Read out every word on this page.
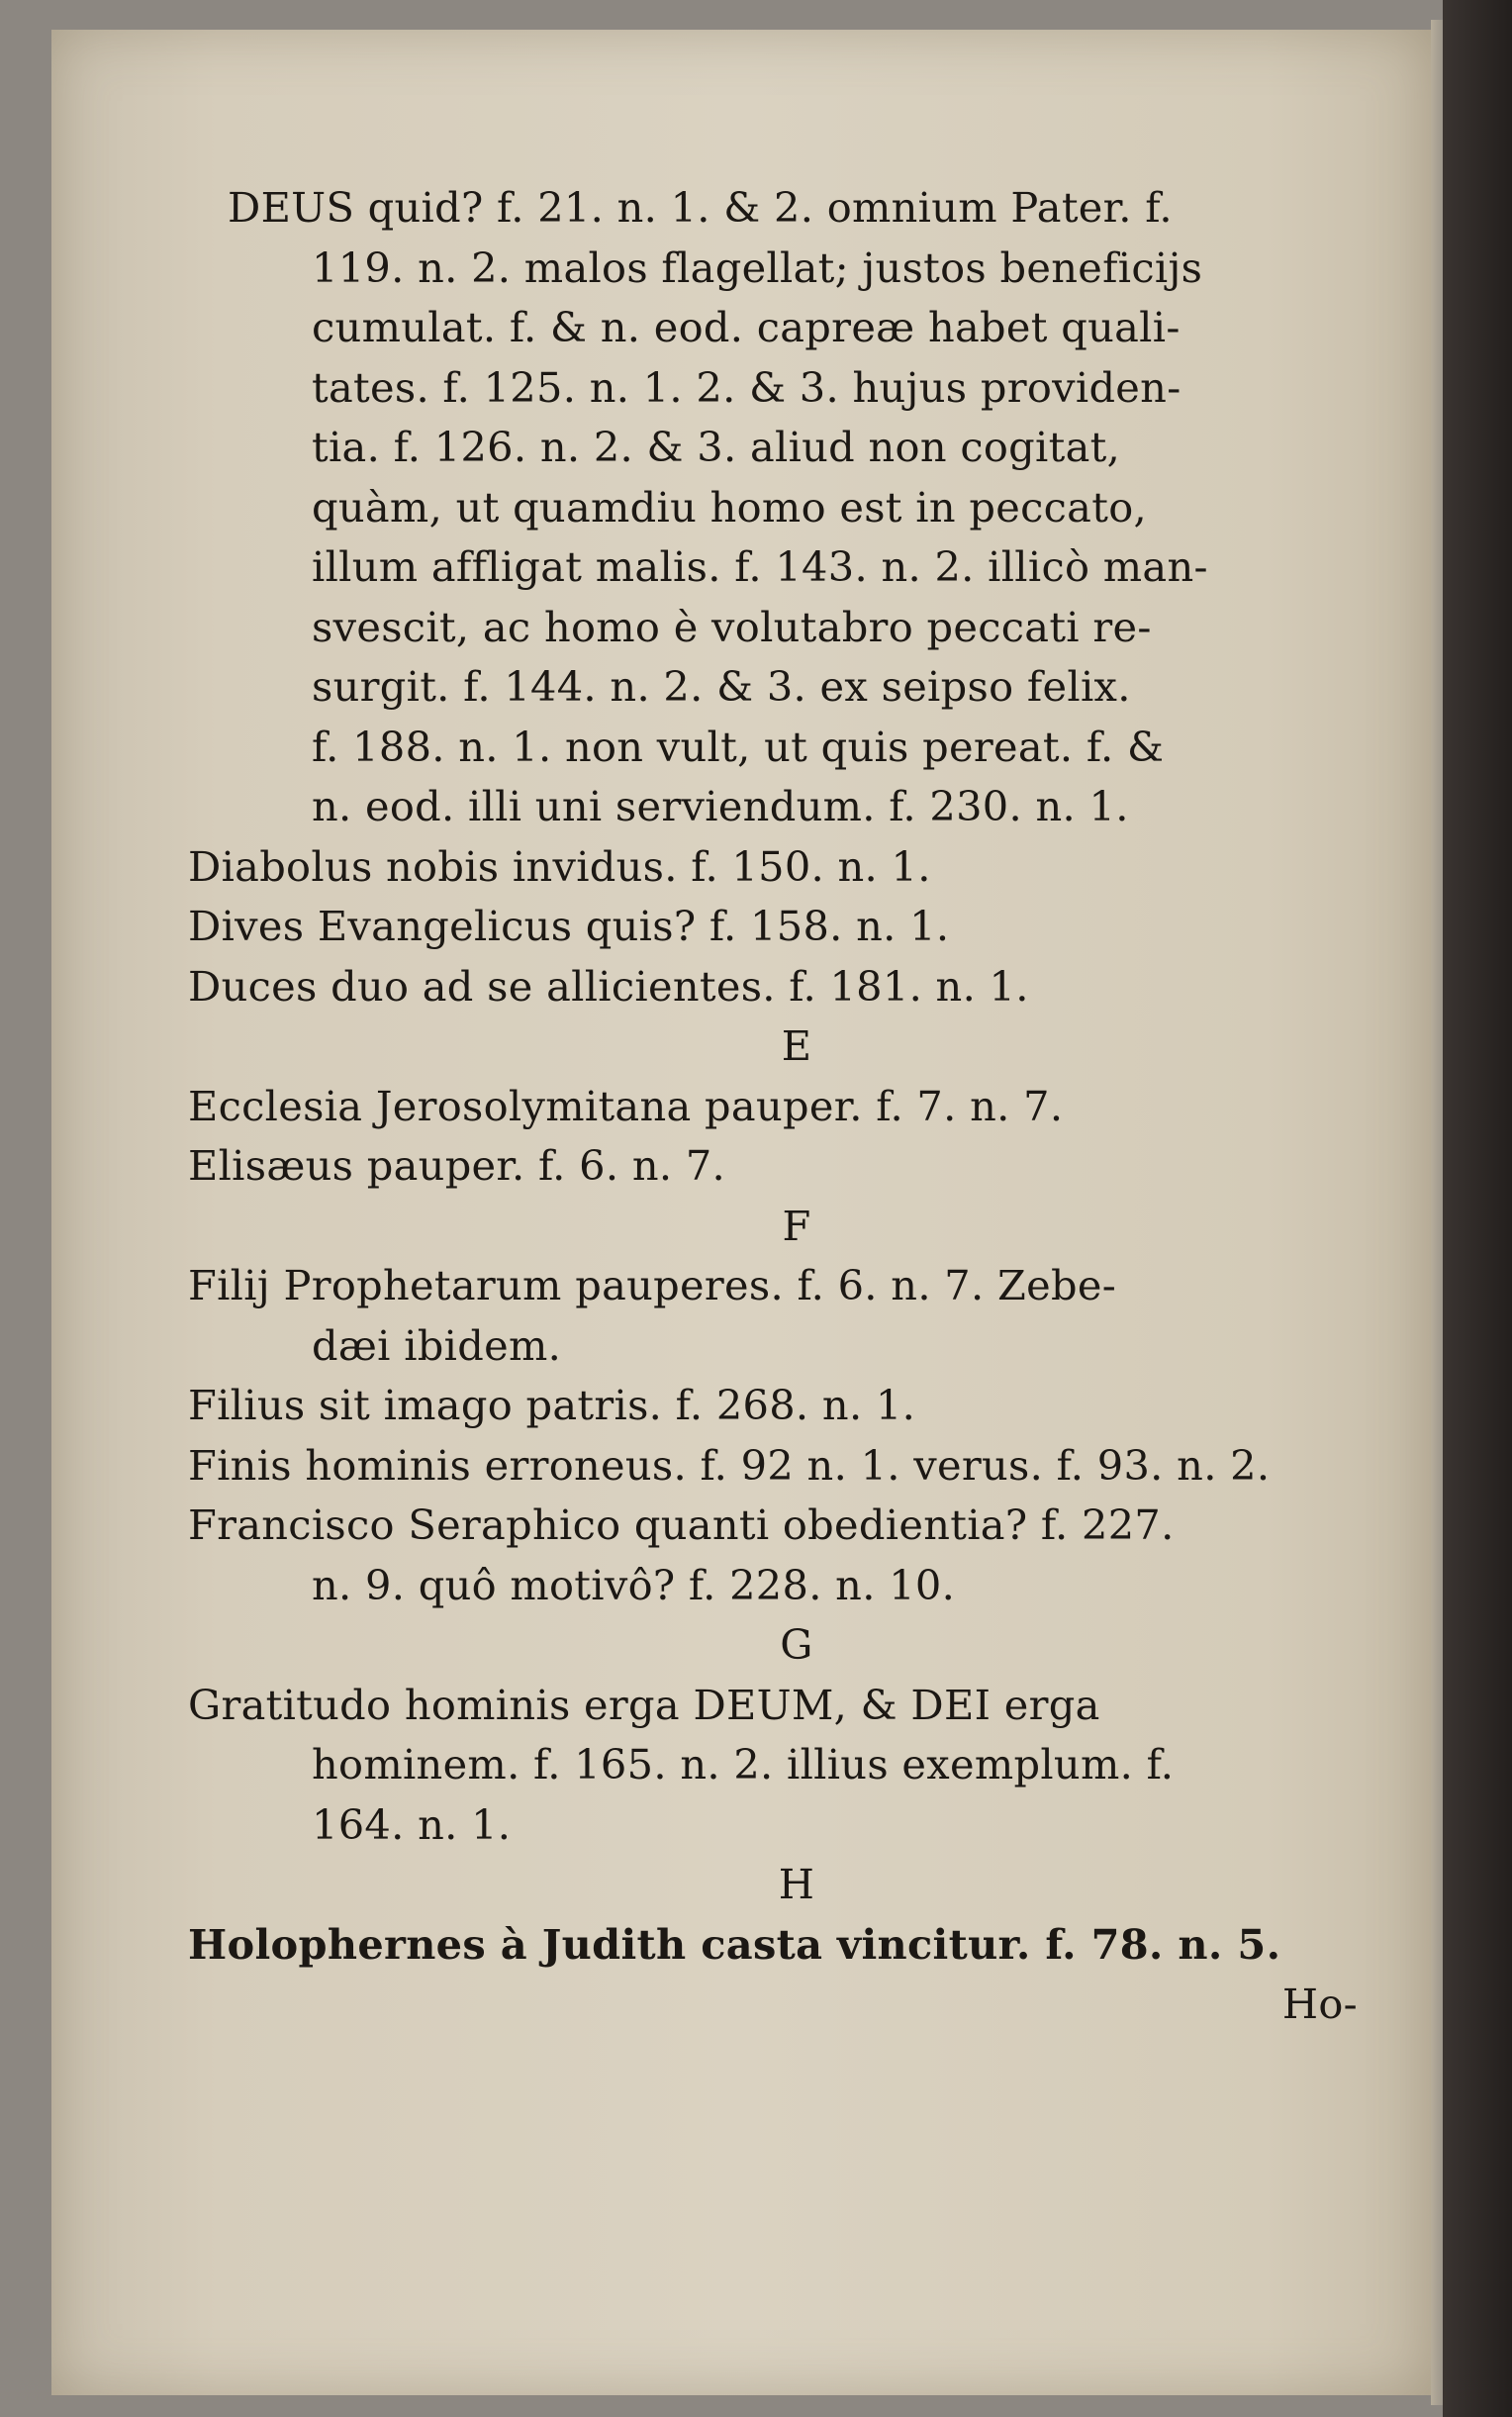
DEUS quid? f. 21. n. 1. & 2. omnium Pater. f.
119. n. 2. malos flagellat; justos beneficijs
cumulat. f. & n. eod. capreæ habet quali-
tates. f. 125. n. 1. 2. & 3. hujus providen-
tia. f. 126. n. 2. & 3. aliud non cogitat,
quàm, ut quamdiu homo est in peccato,
illum affligat malis. f. 143. n. 2. illicò man-
svescit, ac homo è volutabro peccati re-
surgit. f. 144. n. 2. & 3. ex seipso felix.
f. 188. n. 1. non vult, ut quis pereat. f. &
n. eod. illi uni serviendum. f. 230. n. 1.
Diabolus nobis invidus. f. 150. n. 1.
Dives Evangelicus quis? f. 158. n. 1.
Duces duo ad se allicientes. f. 181. n. 1.
E
Ecclesia Jerosolymitana pauper. f. 7. n. 7.
Elisæus pauper. f. 6. n. 7.
F
Filij Prophetarum pauperes. f. 6. n. 7. Zebe-
dæi ibidem.
Filius sit imago patris. f. 268. n. 1.
Finis hominis erroneus. f. 92 n. 1. verus. f. 93. n. 2.
Francisco Seraphico quanti obedientia? f. 227.
n. 9. quô motivô? f. 228. n. 10.
G
Gratitudo hominis erga DEUM, & DEI erga
hominem. f. 165. n. 2. illius exemplum. f.
164. n. 1.
H
Holophernes à Judith casta vincitur. f. 78. n. 5.
Ho-
